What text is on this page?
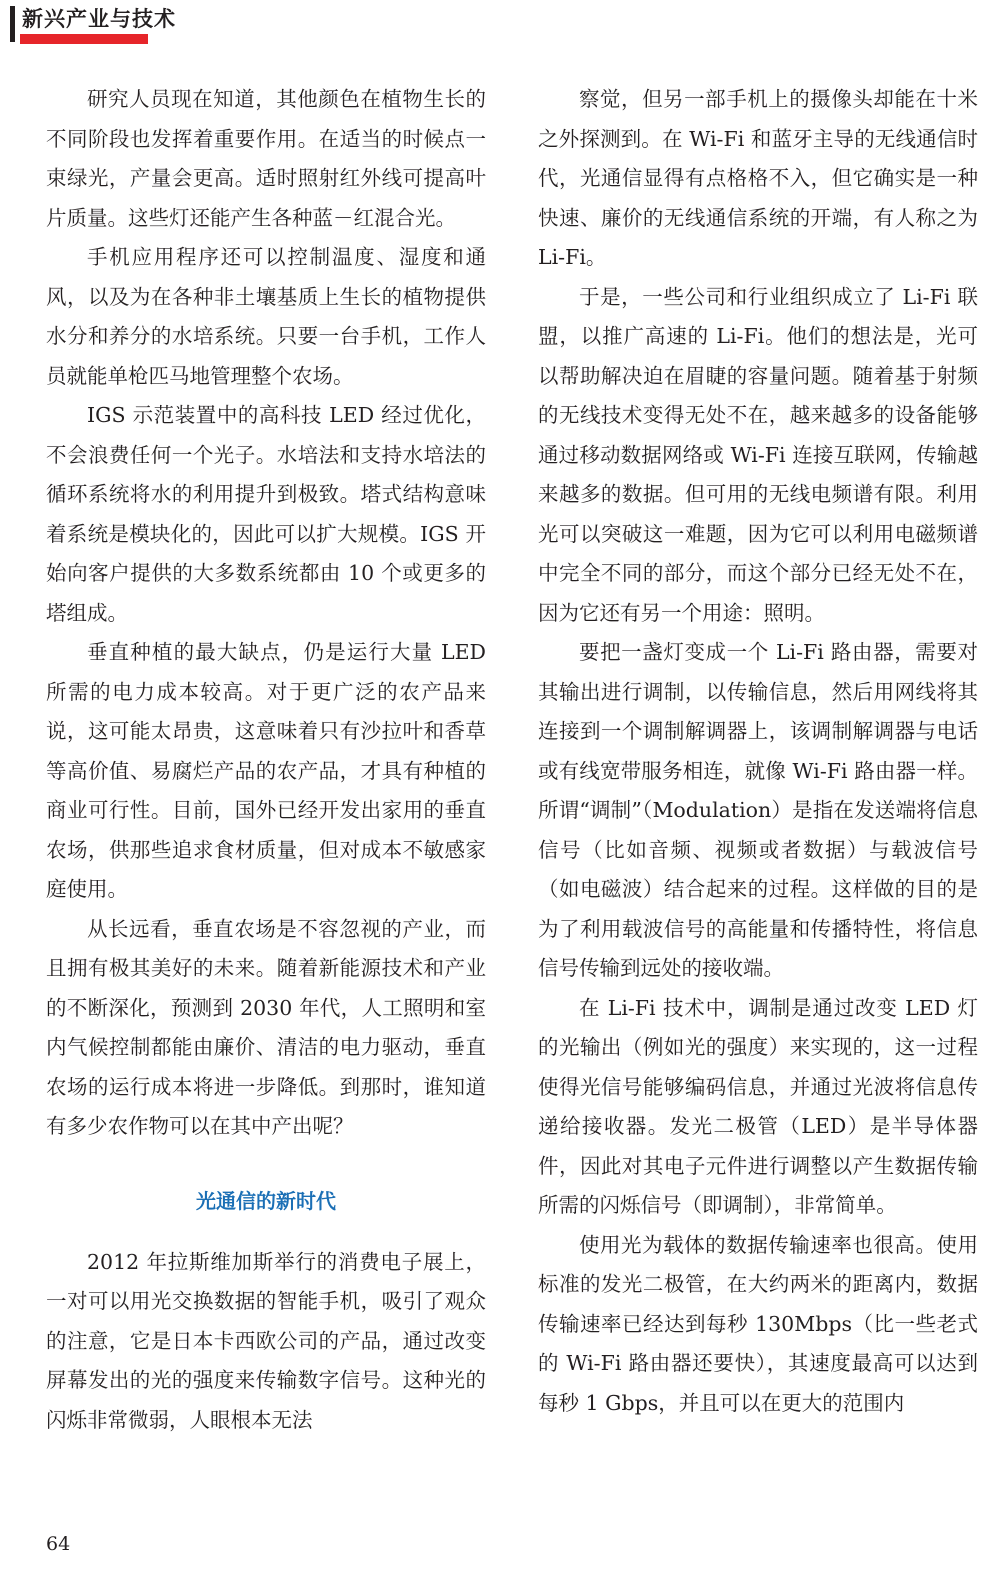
新兴产业与技术

研究人员现在知道，其他颜色在植物生长的不同阶段也发挥着重要作用。在适当的时候点一束绿光，产量会更高。适时照射红外线可提高叶片质量。这些灯还能产生各种蓝－红混合光。

手机应用程序还可以控制温度、湿度和通风，以及为在各种非土壤基质上生长的植物提供水分和养分的水培系统。只要一台手机，工作人员就能单枪匹马地管理整个农场。

IGS 示范装置中的高科技 LED 经过优化，不会浪费任何一个光子。水培法和支持水培法的循环系统将水的利用提升到极致。塔式结构意味着系统是模块化的，因此可以扩大规模。IGS 开始向客户提供的大多数系统都由 10 个或更多的塔组成。

垂直种植的最大缺点，仍是运行大量 LED 所需的电力成本较高。对于更广泛的农产品来说，这可能太昂贵，这意味着只有沙拉叶和香草等高价值、易腐烂产品的农产品，才具有种植的商业可行性。目前，国外已经开发出家用的垂直农场，供那些追求食材质量，但对成本不敏感家庭使用。

从长远看，垂直农场是不容忽视的产业，而且拥有极其美好的未来。随着新能源技术和产业的不断深化，预测到 2030 年代，人工照明和室内气候控制都能由廉价、清洁的电力驱动，垂直农场的运行成本将进一步降低。到那时，谁知道有多少农作物可以在其中产出呢？

光通信的新时代

2012 年拉斯维加斯举行的消费电子展上，一对可以用光交换数据的智能手机，吸引了观众的注意，它是日本卡西欧公司的产品，通过改变屏幕发出的光的强度来传输数字信号。这种光的闪烁非常微弱，人眼根本无法

察觉，但另一部手机上的摄像头却能在十米之外探测到。在 Wi-Fi 和蓝牙主导的无线通信时代，光通信显得有点格格不入，但它确实是一种快速、廉价的无线通信系统的开端，有人称之为 Li-Fi。

于是，一些公司和行业组织成立了 Li-Fi 联盟，以推广高速的 Li-Fi。他们的想法是，光可以帮助解决迫在眉睫的容量问题。随着基于射频的无线技术变得无处不在，越来越多的设备能够通过移动数据网络或 Wi-Fi 连接互联网，传输越来越多的数据。但可用的无线电频谱有限。利用光可以突破这一难题，因为它可以利用电磁频谱中完全不同的部分，而这个部分已经无处不在，因为它还有另一个用途：照明。

要把一盏灯变成一个 Li-Fi 路由器，需要对其输出进行调制，以传输信息，然后用网线将其连接到一个调制解调器上，该调制解调器与电话或有线宽带服务相连，就像 Wi-Fi 路由器一样。所谓“调制”（Modulation）是指在发送端将信息信号（比如音频、视频或者数据）与载波信号（如电磁波）结合起来的过程。这样做的目的是为了利用载波信号的高能量和传播特性，将信息信号传输到远处的接收端。

在 Li-Fi 技术中，调制是通过改变 LED 灯的光输出（例如光的强度）来实现的，这一过程使得光信号能够编码信息，并通过光波将信息传递给接收器。发光二极管（LED）是半导体器件，因此对其电子元件进行调整以产生数据传输所需的闪烁信号（即调制），非常简单。

使用光为载体的数据传输速率也很高。使用标准的发光二极管，在大约两米的距离内，数据传输速率已经达到每秒 130Mbps（比一些老式的 Wi-Fi 路由器还要快），其速度最高可以达到每秒 1 Gbps，并且可以在更大的范围内

64
